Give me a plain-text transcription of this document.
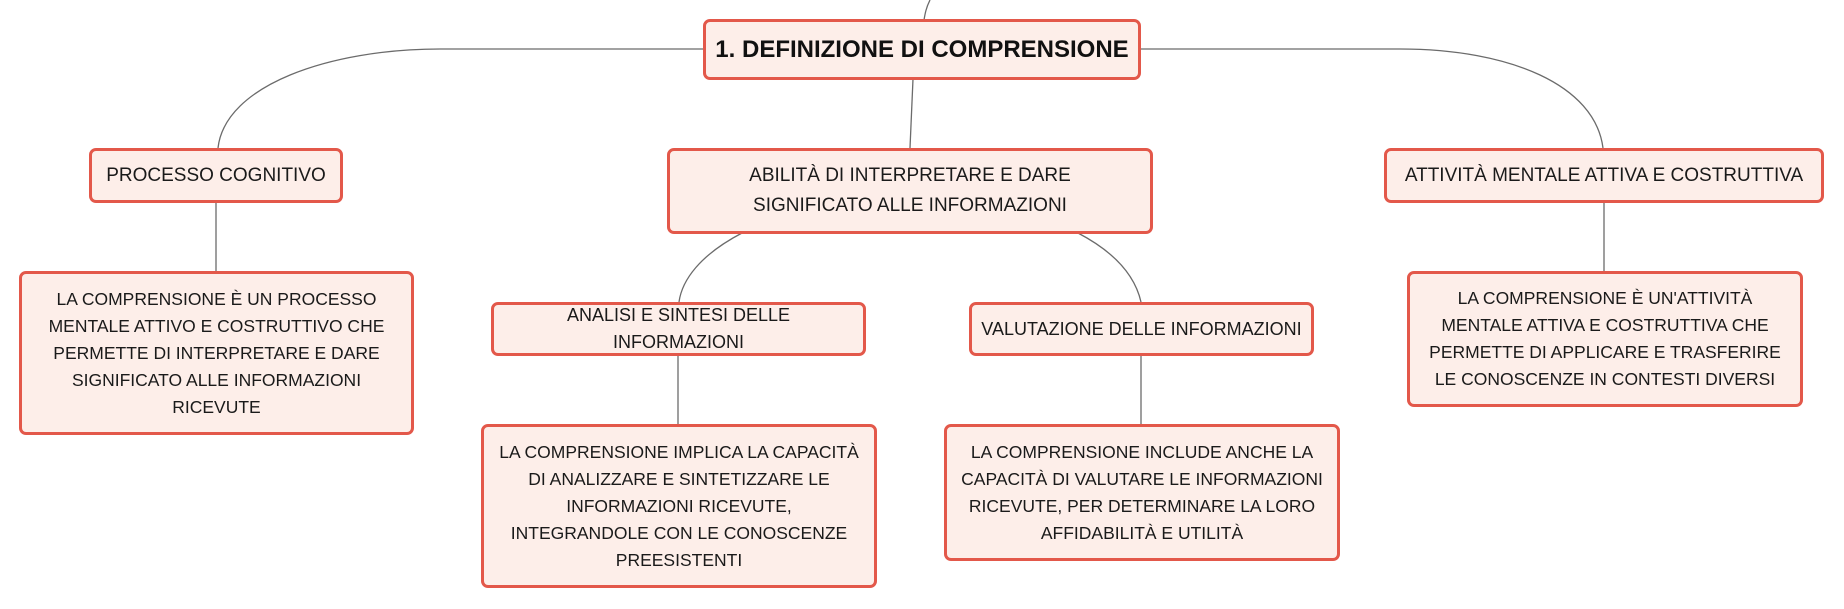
1. DEFINIZIONE DI COMPRENSIONE
PROCESSO COGNITIVO	ABILITÀ DI INTERPRETARE E DARE SIGNIFICATO ALLE INFORMAZIONI
ATTIVITÀ MENTALE ATTIVA E COSTRUTTIVA
LA COMPRENSIONE È UN PROCESSO MENTALE ATTIVO E COSTRUTTIVO CHE PERMETTE DI INTERPRETARE E DARE SIGNIFICATO ALLE INFORMAZIONI RICEVUTE
ANALISI E SINTESI DELLE INFORMAZIONI
VALUTAZIONE DELLE INFORMAZIONI
LA COMPRENSIONE IMPLICA LA CAPACITÀ DI ANALIZZARE E SINTETIZZARE LE INFORMAZIONI RICEVUTE, INTEGRANDOLE CON LE CONOSCENZE PREESISTENTI
LA COMPRENSIONE INCLUDE ANCHE LA CAPACITÀ DI VALUTARE LE INFORMAZIONI RICEVUTE, PER DETERMINARE LA LORO AFFIDABILITÀ E UTILITÀ
LA COMPRENSIONE È UN'ATTIVITÀ MENTALE ATTIVA E COSTRUTTIVA CHE PERMETTE DI APPLICARE E TRASFERIRE LE CONOSCENZE IN CONTESTI DIVERSI
